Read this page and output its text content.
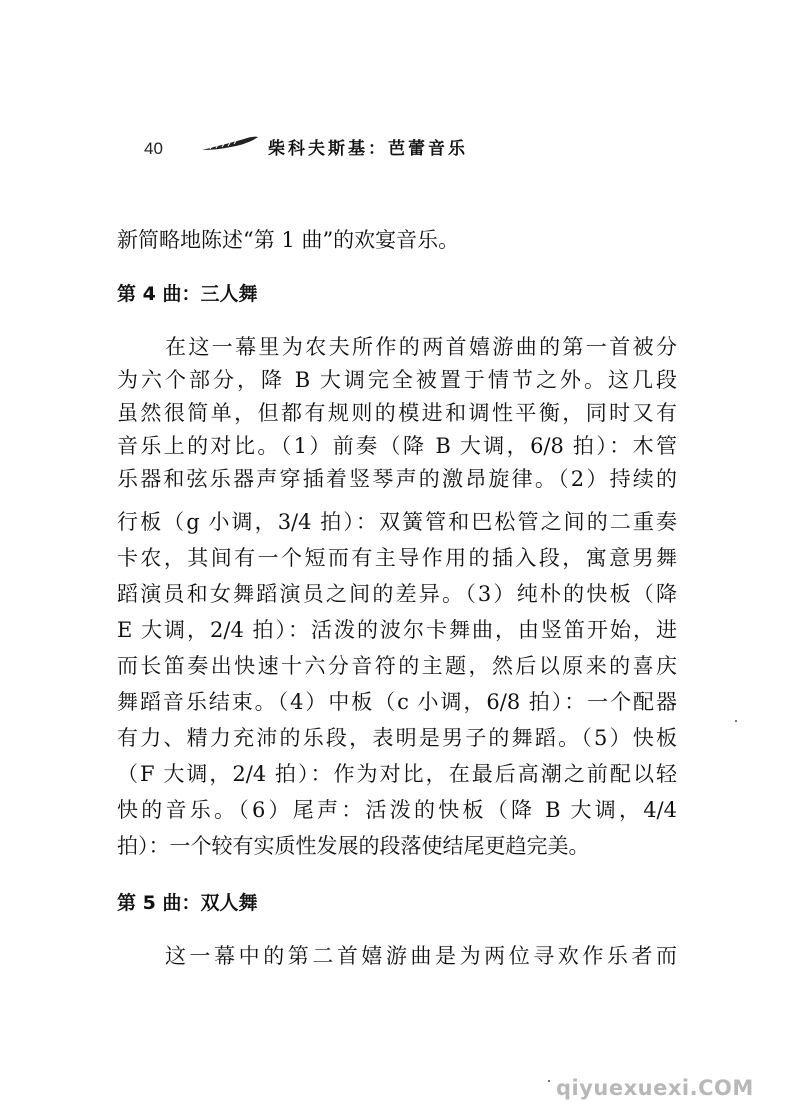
40	柴科夫斯基：芭蕾音乐
新简略地陈述“第 1 曲”的欢宴音乐。
第 4 曲：三人舞
在这一幕里为农夫所作的两首嬉游曲的第一首被分
为六个部分，降 B 大调完全被置于情节之外。这几段
虽然很简单，但都有规则的模进和调性平衡，同时又有
音乐上的对比。（1）前奏（降 B 大调，6/8 拍）：木管
乐器和弦乐器声穿插着竖琴声的激昂旋律。（2）持续的
行板（g 小调，3/4 拍）：双簧管和巴松管之间的二重奏
卡农，其间有一个短而有主导作用的插入段，寓意男舞
蹈演员和女舞蹈演员之间的差异。（3）纯朴的快板（降
E 大调，2/4 拍）：活泼的波尔卡舞曲，由竖笛开始，进
而长笛奏出快速十六分音符的主题，然后以原来的喜庆
舞蹈音乐结束。（4）中板（c 小调，6/8 拍）：一个配器
有力、精力充沛的乐段，表明是男子的舞蹈。（5）快板
（F 大调，2/4 拍）：作为对比，在最后高潮之前配以轻
快的音乐。（6）尾声：活泼的快板（降 B 大调，4/4
拍）：一个较有实质性发展的段落使结尾更趋完美。
第 5 曲：双人舞
这一幕中的第二首嬉游曲是为两位寻欢作乐者而
qiyuexuexi.COM
